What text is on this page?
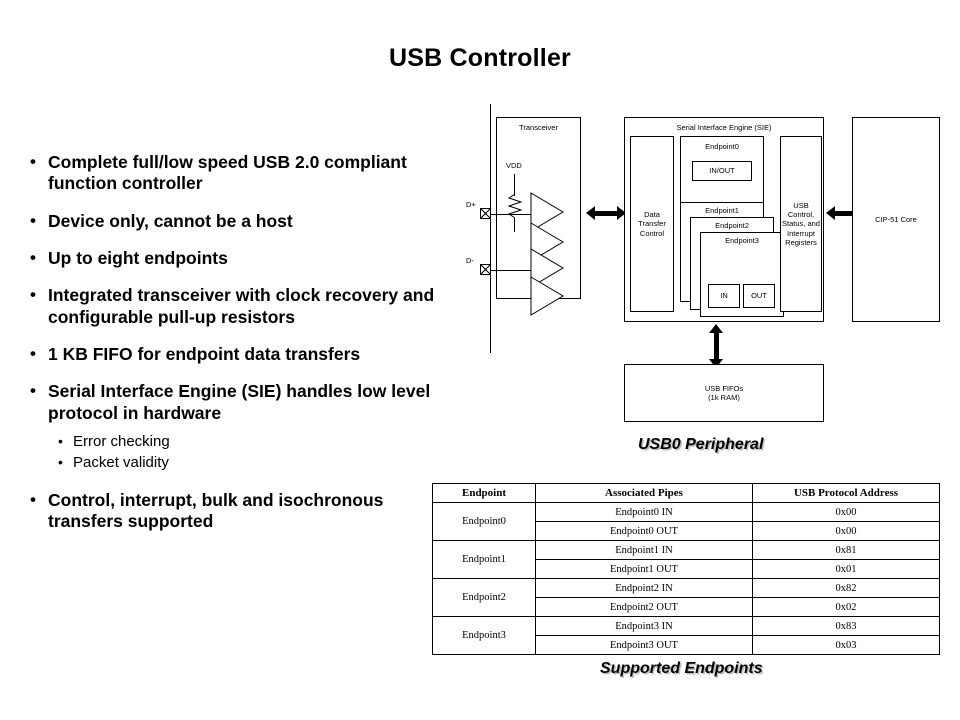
USB Controller
• Complete full/low speed USB 2.0 compliant function controller
• Device only, cannot be a host
• Up to eight endpoints
• Integrated transceiver with clock recovery and configurable pull-up resistors
• 1 KB FIFO for endpoint data transfers
• Serial Interface Engine (SIE) handles low level protocol in hardware
• Error checking
• Packet validity
• Control, interrupt, bulk and isochronous transfers supported
Transceiver
VDD
D+
D-
Serial Interface Engine (SIE)
Data Transfer Control
Endpoint0
IN/OUT
Endpoint1
Endpoint2
Endpoint3
IN	OUT
USB Control, Status, and Interrupt Registers
CIP-51 Core
USB FIFOs
(1k RAM)
USB0 Peripheral
Endpoint	Associated Pipes	USB Protocol Address
Endpoint0	Endpoint0 IN	0x00
	Endpoint0 OUT	0x00
Endpoint1	Endpoint1 IN	0x81
	Endpoint1 OUT	0x01
Endpoint2	Endpoint2 IN	0x82
	Endpoint2 OUT	0x02
Endpoint3	Endpoint3 IN	0x83
	Endpoint3 OUT	0x03
Supported Endpoints
